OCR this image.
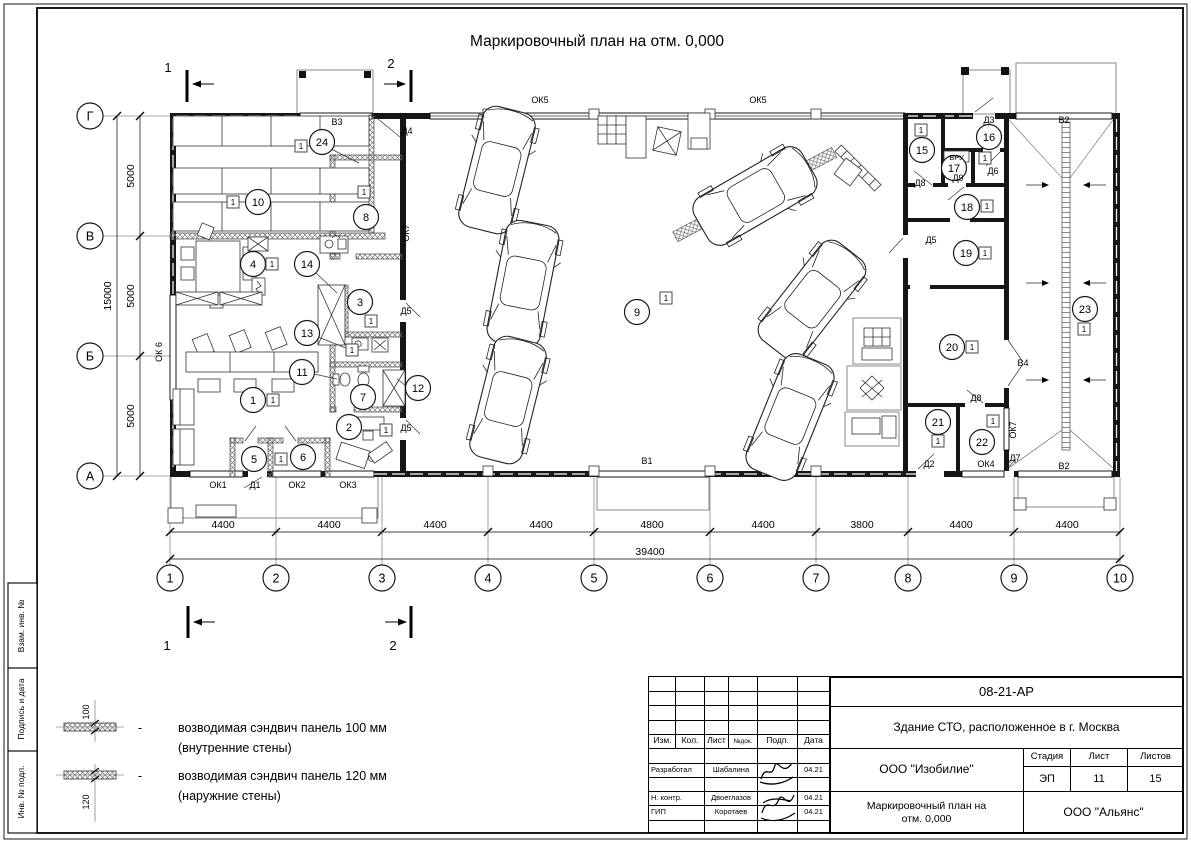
Маркировочный план на отм. 0,000
4400	4400	4400	4400	4800	4400	3800	4400	4400
39400
5000
5000
5000
15000
1	2	3	4	5	6	7	8	9	10
Г
В
Б
А
1	2
1	2
1
2
3
4
5	6
7
8
9
10
11
12
13
14
15
16
17
18
19
20
21
22
23
24
1
1
1
1
1
1
1
1
1
1
1
1
1
1
1
1
1
1
В3
Д4
ОК5	ОК5
В2
Д3
Д8	Д9
Д6
Д5
Д5
Д5
ОК7
ОК7
ОК 6
В4
В1	Д2	ОК4
Д7
В2
Д8
ОК1	Д1	ОК2	ОК3
ВРУ
100
-	возводимая сэндвич панель 100 мм
(внутренние стены)
120
-	возводимая сэндвич панель 120 мм
(наружние стены)
Взам. инв. №
Подпись и дата
Инв. № подл.
Изм.	Кол.	Лист	№док.	Подп.	Дата
Разработал	Шабалина	04.21
Н. контр.	Двоеглазов	04.21
ГИП	Коротаев	04.21
08-21-АР
Здание СТО, расположенное в г. Москва
ООО "Изобилие"
Стадия	Лист	Листов
ЭП	11	15
Маркировочный план на
отм. 0,000	ООО "Альянс"
